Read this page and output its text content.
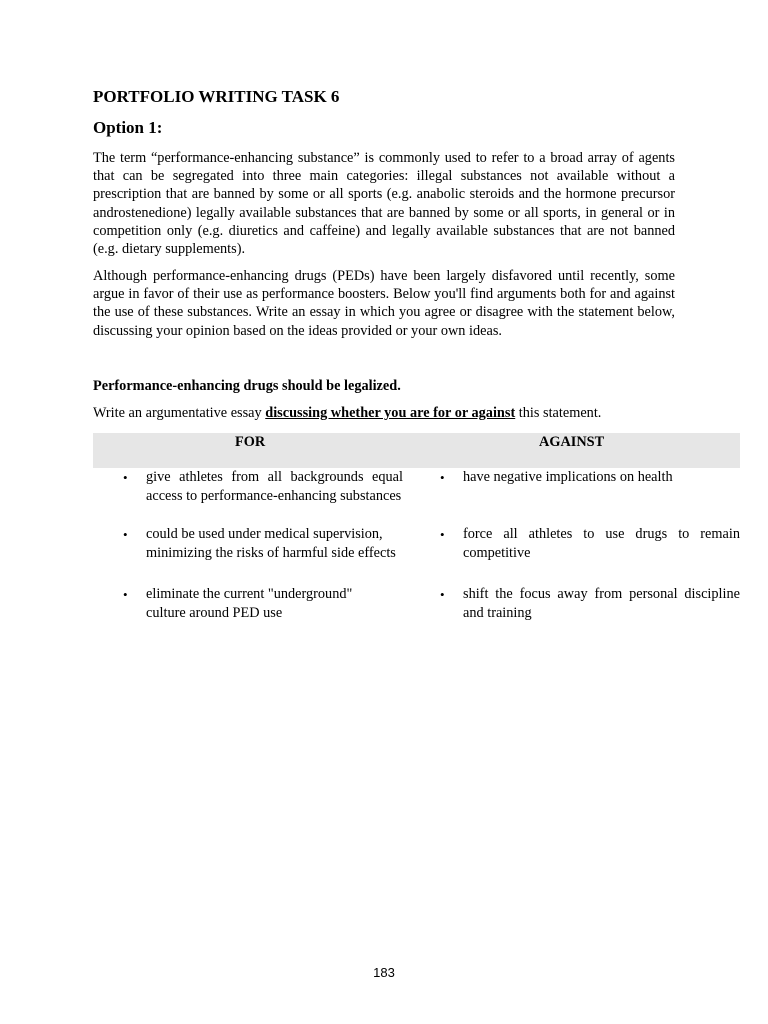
PORTFOLIO WRITING TASK 6
Option 1:

The term “performance-enhancing substance” is commonly used to refer to a broad array of agents that can be segregated into three main categories: illegal substances not available without a prescription that are banned by some or all sports (e.g. anabolic steroids and the hormone precursor androstenedione) legally available substances that are banned by some or all sports, in general or in competition only (e.g. diuretics and caffeine) and legally available substances that are not banned (e.g. dietary supplements).

Although performance-enhancing drugs (PEDs) have been largely disfavored until recently, some argue in favor of their use as performance boosters. Below you'll find arguments both for and against the use of these substances. Write an essay in which you agree or disagree with the statement below, discussing your opinion based on the ideas provided or your own ideas.

Performance-enhancing drugs should be legalized.

Write an argumentative essay discussing whether you are for or against this statement.

FOR	AGAINST
• give athletes from all backgrounds equal access to performance-enhancing substances
• could be used under medical supervision, minimizing the risks of harmful side effects
• eliminate the current "underground" culture around PED use
• have negative implications on health
• force all athletes to use drugs to remain competitive
• shift the focus away from personal discipline and training
183
